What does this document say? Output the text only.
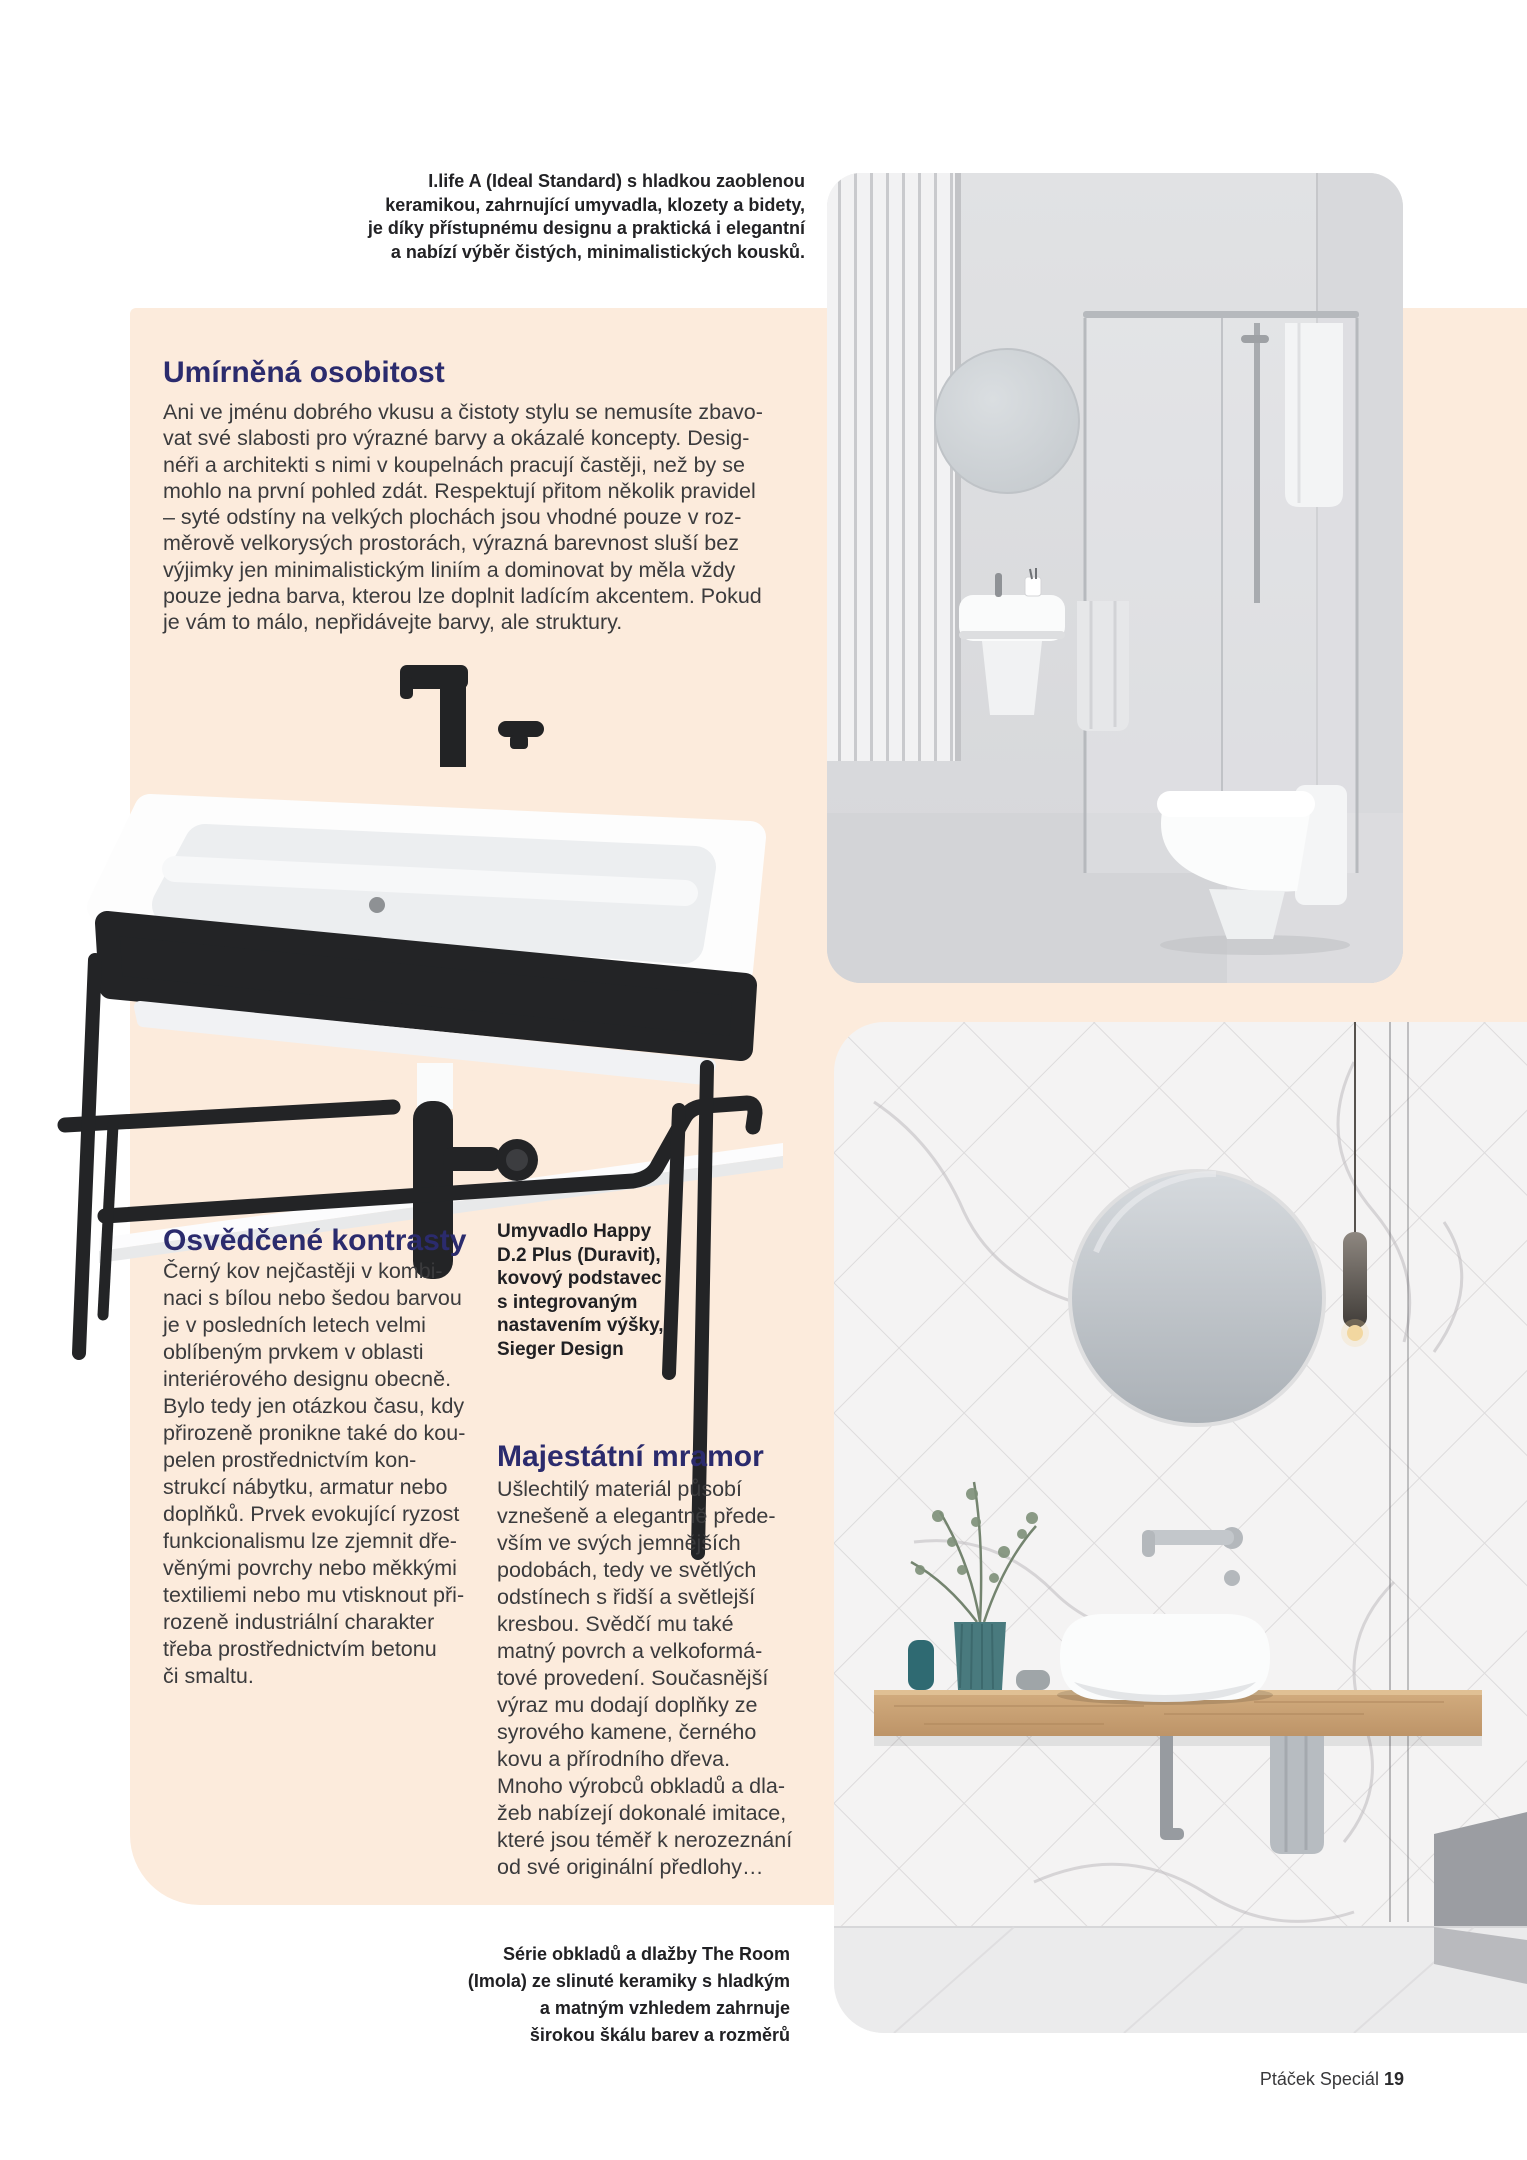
I.life A (Ideal Standard) s hladkou zaoblenou
keramikou, zahrnující umyvadla, klozety a bidety,
je díky přístupnému designu a praktická i elegantní
a nabízí výběr čistých, minimalistických kousků.
Umírněná osobitost
Ani ve jménu dobrého vkusu a čistoty stylu se nemusíte zbavo-
vat své slabosti pro výrazné barvy a okázalé koncepty. Desig-
néři a architekti s nimi v koupelnách pracují častěji, než by se
mohlo na první pohled zdát. Respektují přitom několik pravidel
– syté odstíny na velkých plochách jsou vhodné pouze v roz-
měrově velkorysých prostorách, výrazná barevnost sluší bez
výjimky jen minimalistickým liniím a dominovat by měla vždy
pouze jedna barva, kterou lze doplnit ladícím akcentem. Pokud
je vám to málo, nepřidávejte barvy, ale struktury.
Osvědčené kontrasty
Černý kov nejčastěji v kombi-
naci s bílou nebo šedou barvou
je v posledních letech velmi
oblíbeným prvkem v oblasti
interiérového designu obecně.
Bylo tedy jen otázkou času, kdy
přirozeně pronikne také do kou-
pelen prostřednictvím kon-
strukcí nábytku, armatur nebo
doplňků. Prvek evokující ryzost
funkcionalismu lze zjemnit dře-
věnými povrchy nebo měkkými
textiliemi nebo mu vtisknout při-
rozeně industriální charakter
třeba prostřednictvím betonu
či smaltu.
Umyvadlo Happy
D.2 Plus (Duravit),
kovový podstavec
s integrovaným
nastavením výšky,
Sieger Design
Majestátní mramor
Ušlechtilý materiál působí
vznešeně a elegantně přede-
vším ve svých jemnějších
podobách, tedy ve světlých
odstínech s řidší a světlejší
kresbou. Svědčí mu také
matný povrch a velkoformá-
tové provedení. Současnější
výraz mu dodají doplňky ze
syrového kamene, černého
kovu a přírodního dřeva.
Mnoho výrobců obkladů a dla-
žeb nabízejí dokonalé imitace,
které jsou téměř k nerozeznání
od své originální předlohy…
Série obkladů a dlažby The Room
(Imola) ze slinuté keramiky s hladkým
a matným vzhledem zahrnuje
širokou škálu barev a rozměrů
Ptáček Speciál 19
